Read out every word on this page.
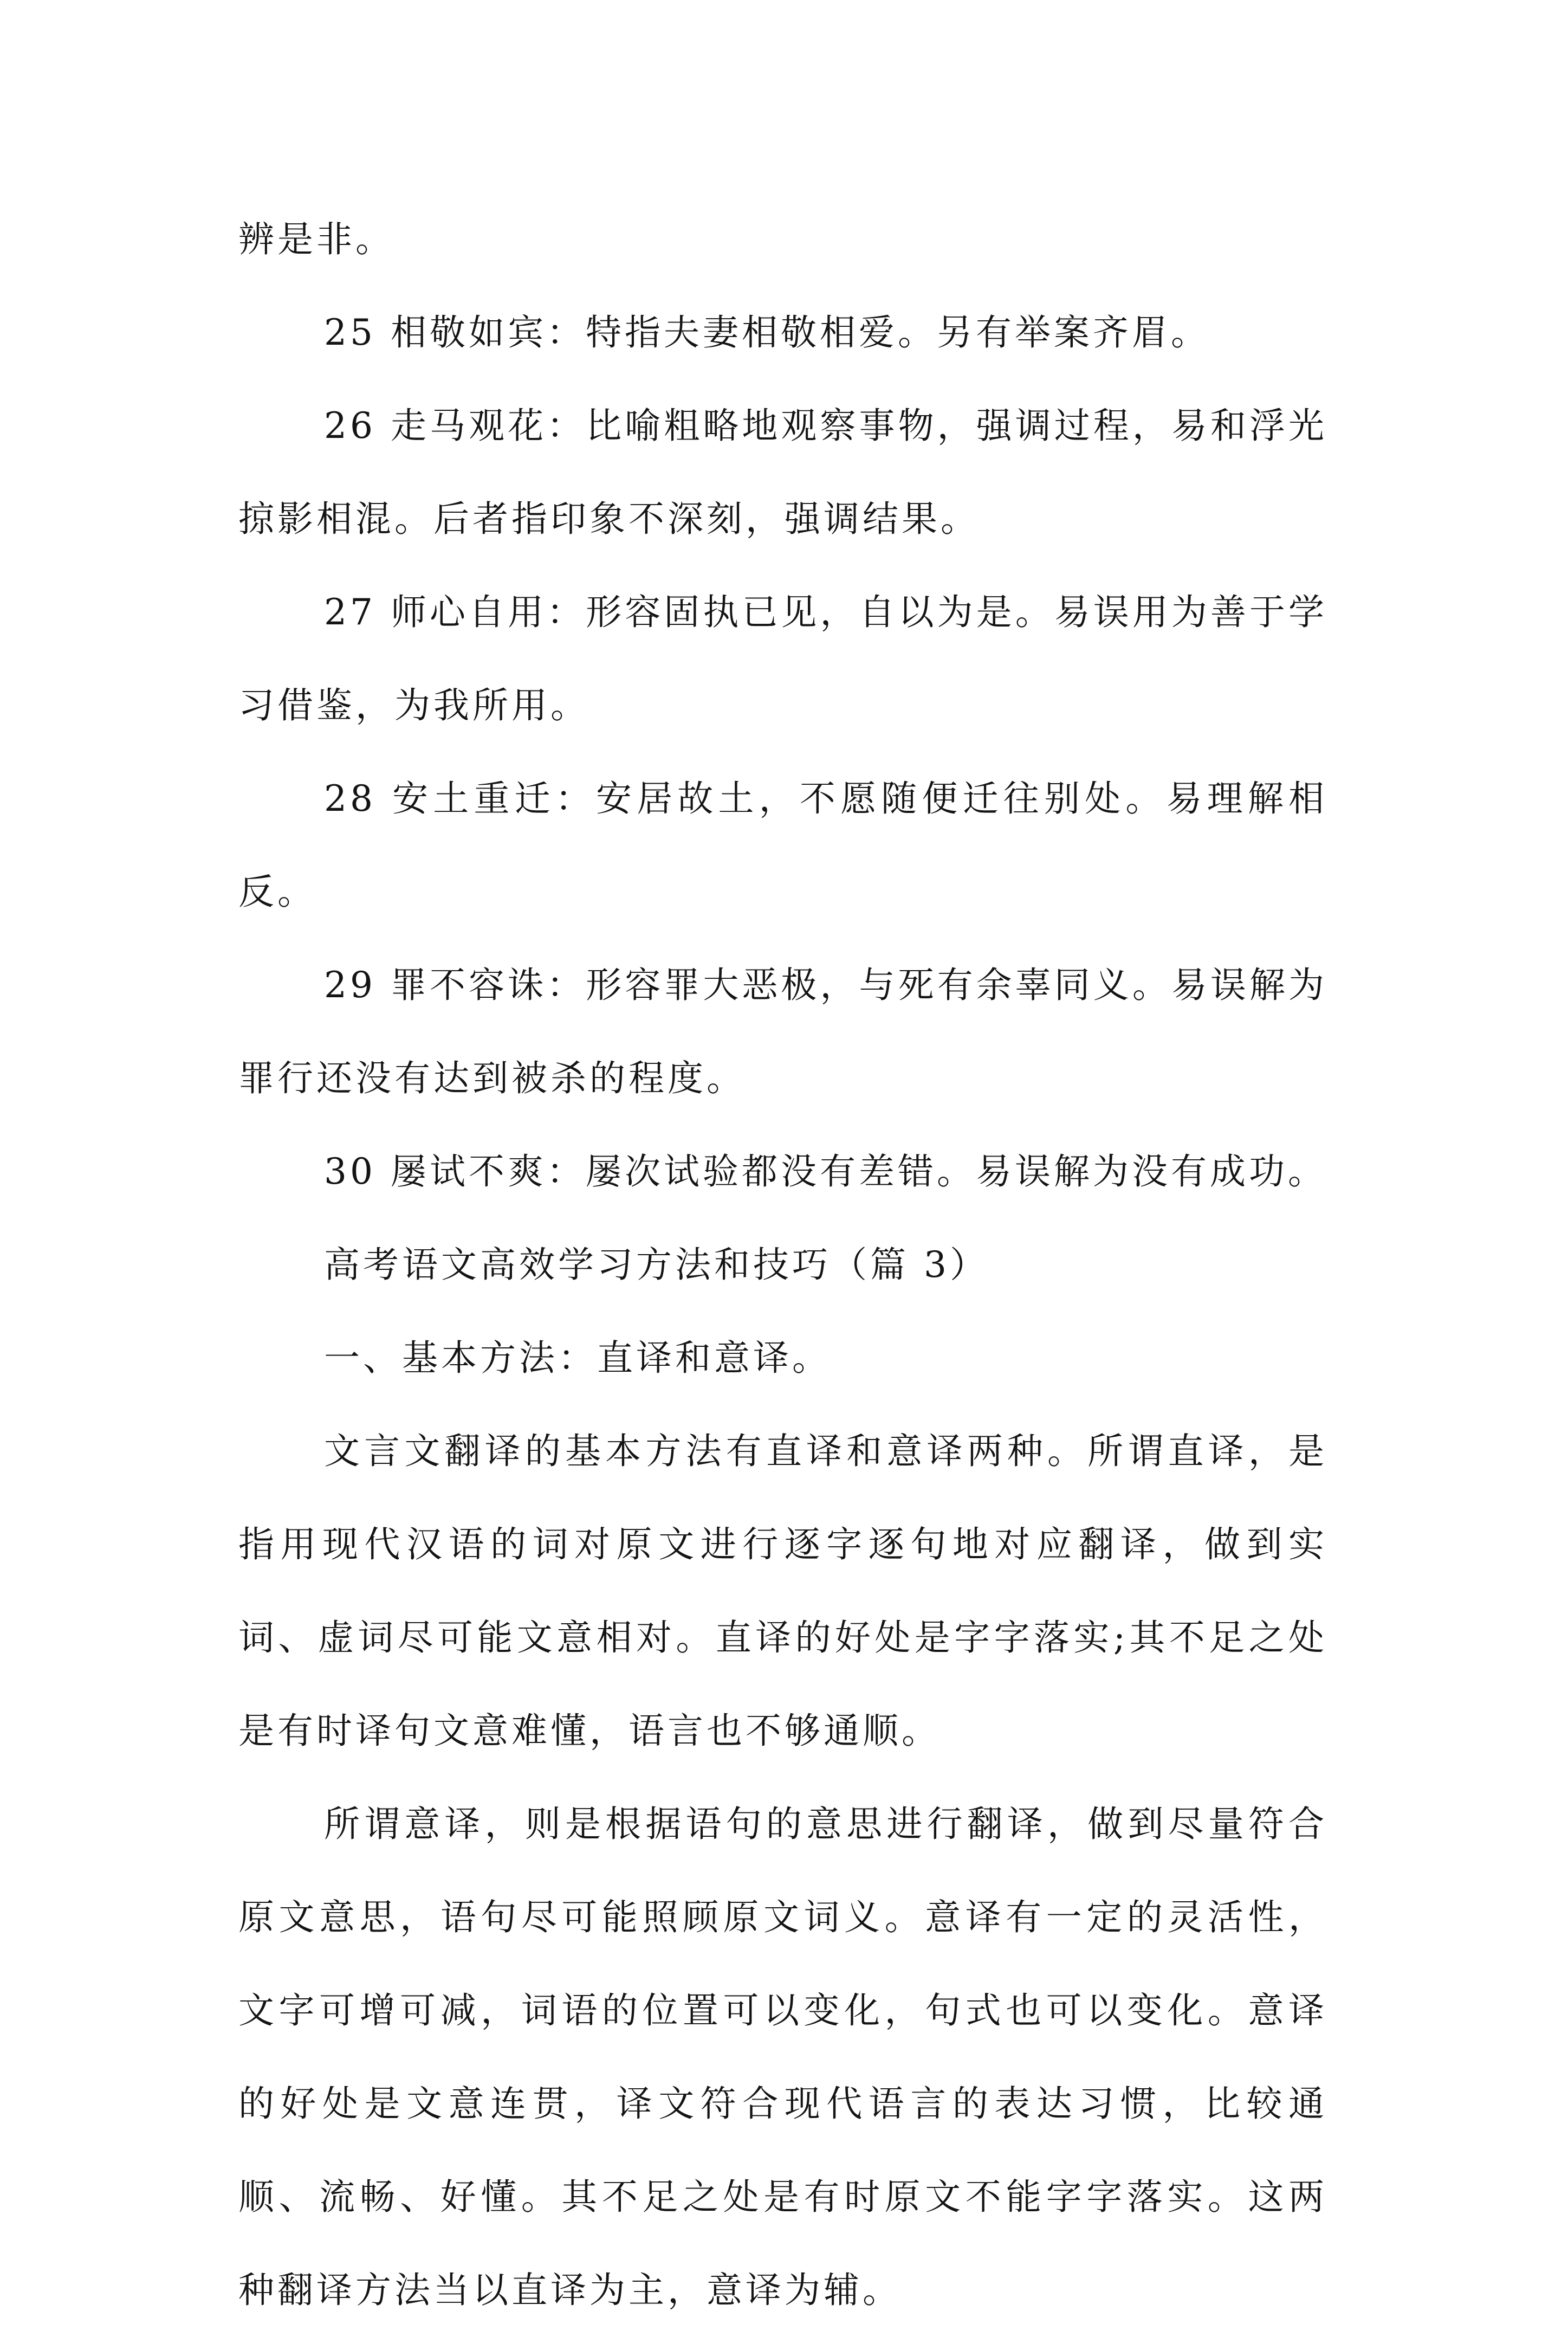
辨是非。

25 相敬如宾：特指夫妻相敬相爱。另有举案齐眉。

26 走马观花：比喻粗略地观察事物，强调过程，易和浮光掠影相混。后者指印象不深刻，强调结果。

27 师心自用：形容固执已见，自以为是。易误用为善于学习借鉴，为我所用。

28 安土重迁：安居故土，不愿随便迁往别处。易理解相反。

29 罪不容诛：形容罪大恶极，与死有余辜同义。易误解为罪行还没有达到被杀的程度。

30 屡试不爽：屡次试验都没有差错。易误解为没有成功。

高考语文高效学习方法和技巧（篇 3）

一、基本方法：直译和意译。

文言文翻译的基本方法有直译和意译两种。所谓直译，是指用现代汉语的词对原文进行逐字逐句地对应翻译，做到实词、虚词尽可能文意相对。直译的好处是字字落实;其不足之处是有时译句文意难懂，语言也不够通顺。

所谓意译，则是根据语句的意思进行翻译，做到尽量符合原文意思，语句尽可能照顾原文词义。意译有一定的灵活性，文字可增可减，词语的位置可以变化，句式也可以变化。意译的好处是文意连贯，译文符合现代语言的表达习惯，比较通顺、流畅、好懂。其不足之处是有时原文不能字字落实。这两种翻译方法当以直译为主，意译为辅。
